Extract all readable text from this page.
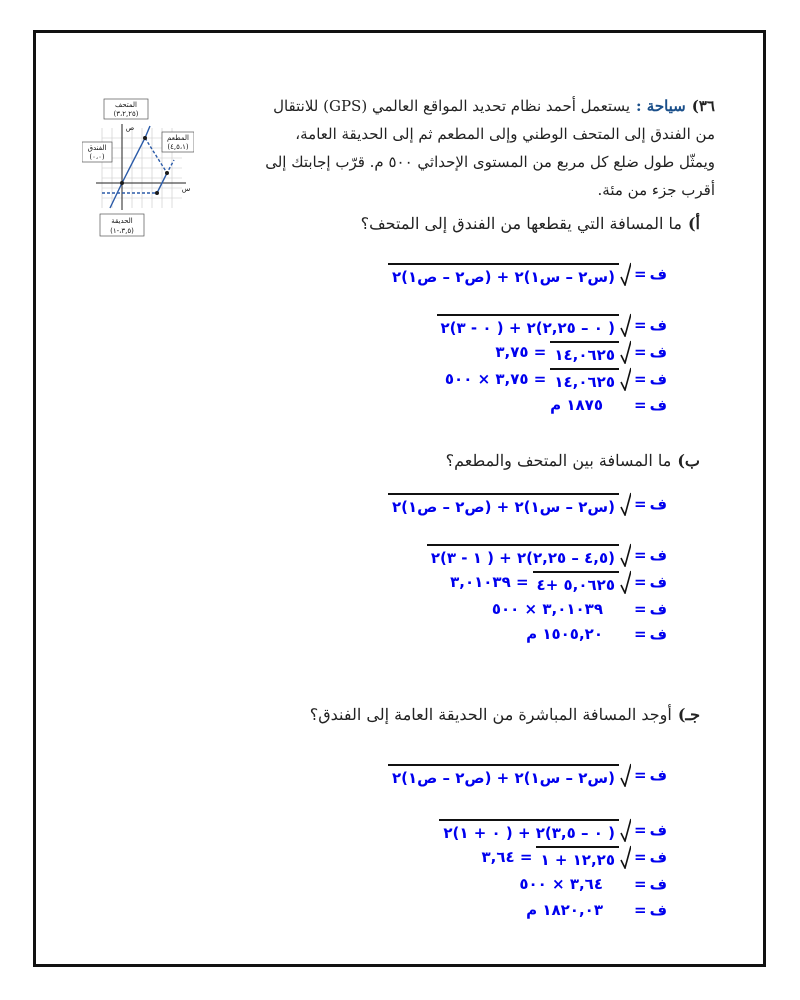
المتحف
(٣،٢,٢٥)
الفندق
(٠،٠)
المطعم
(٤,٥،١)
الحديقة
(٣,٥،-١)
ص
س
٣٦)سياحة :يستعمل أحمد نظام تحديد المواقع العالمي (GPS) للانتقال من الفندق إلى المتحف الوطني وإلى المطعم ثم إلى الحديقة العامة، ويمثّل طول ضلع كل مربع من المستوى الإحداثي ٥٠٠ م. قرّب إجابتك إلى أقرب جزء من مئة.
أ)ما المسافة التي يقطعها من الفندق إلى المتحف؟
ف
=
(س٢ – س١)٢ + (ص٢ – ص١)٢
ف
=
( ٠ – ٢,٢٥)٢ + ( ٠ - ٣)٢
ف
=
١٤,٠٦٢٥
= ٣,٧٥
ف
=
١٤,٠٦٢٥
= ٣,٧٥ × ٥٠٠
ف
=
١٨٧٥ م
ب)ما المسافة بين المتحف والمطعم؟
ف
=
(س٢ – س١)٢ + (ص٢ – ص١)٢
ف
=
(٤,٥ – ٢,٢٥)٢ + ( ١ - ٣)٢
ف
=
٥,٠٦٢٥ +٤
= ٣,٠١٠٣٩
ف
=
٣,٠١٠٣٩ × ٥٠٠
ف
=
١٥٠٥,٢٠ م
جـ)أوجد المسافة المباشرة من الحديقة العامة إلى الفندق؟
ف
=
(س٢ – س١)٢ + (ص٢ – ص١)٢
ف
=
( ٠ – ٣,٥)٢ + ( ٠ + ١)٢
ف
=
١٢,٢٥ + ١
= ٣,٦٤
ف
=
٣,٦٤ × ٥٠٠
ف
=
١٨٢٠,٠٣ م
